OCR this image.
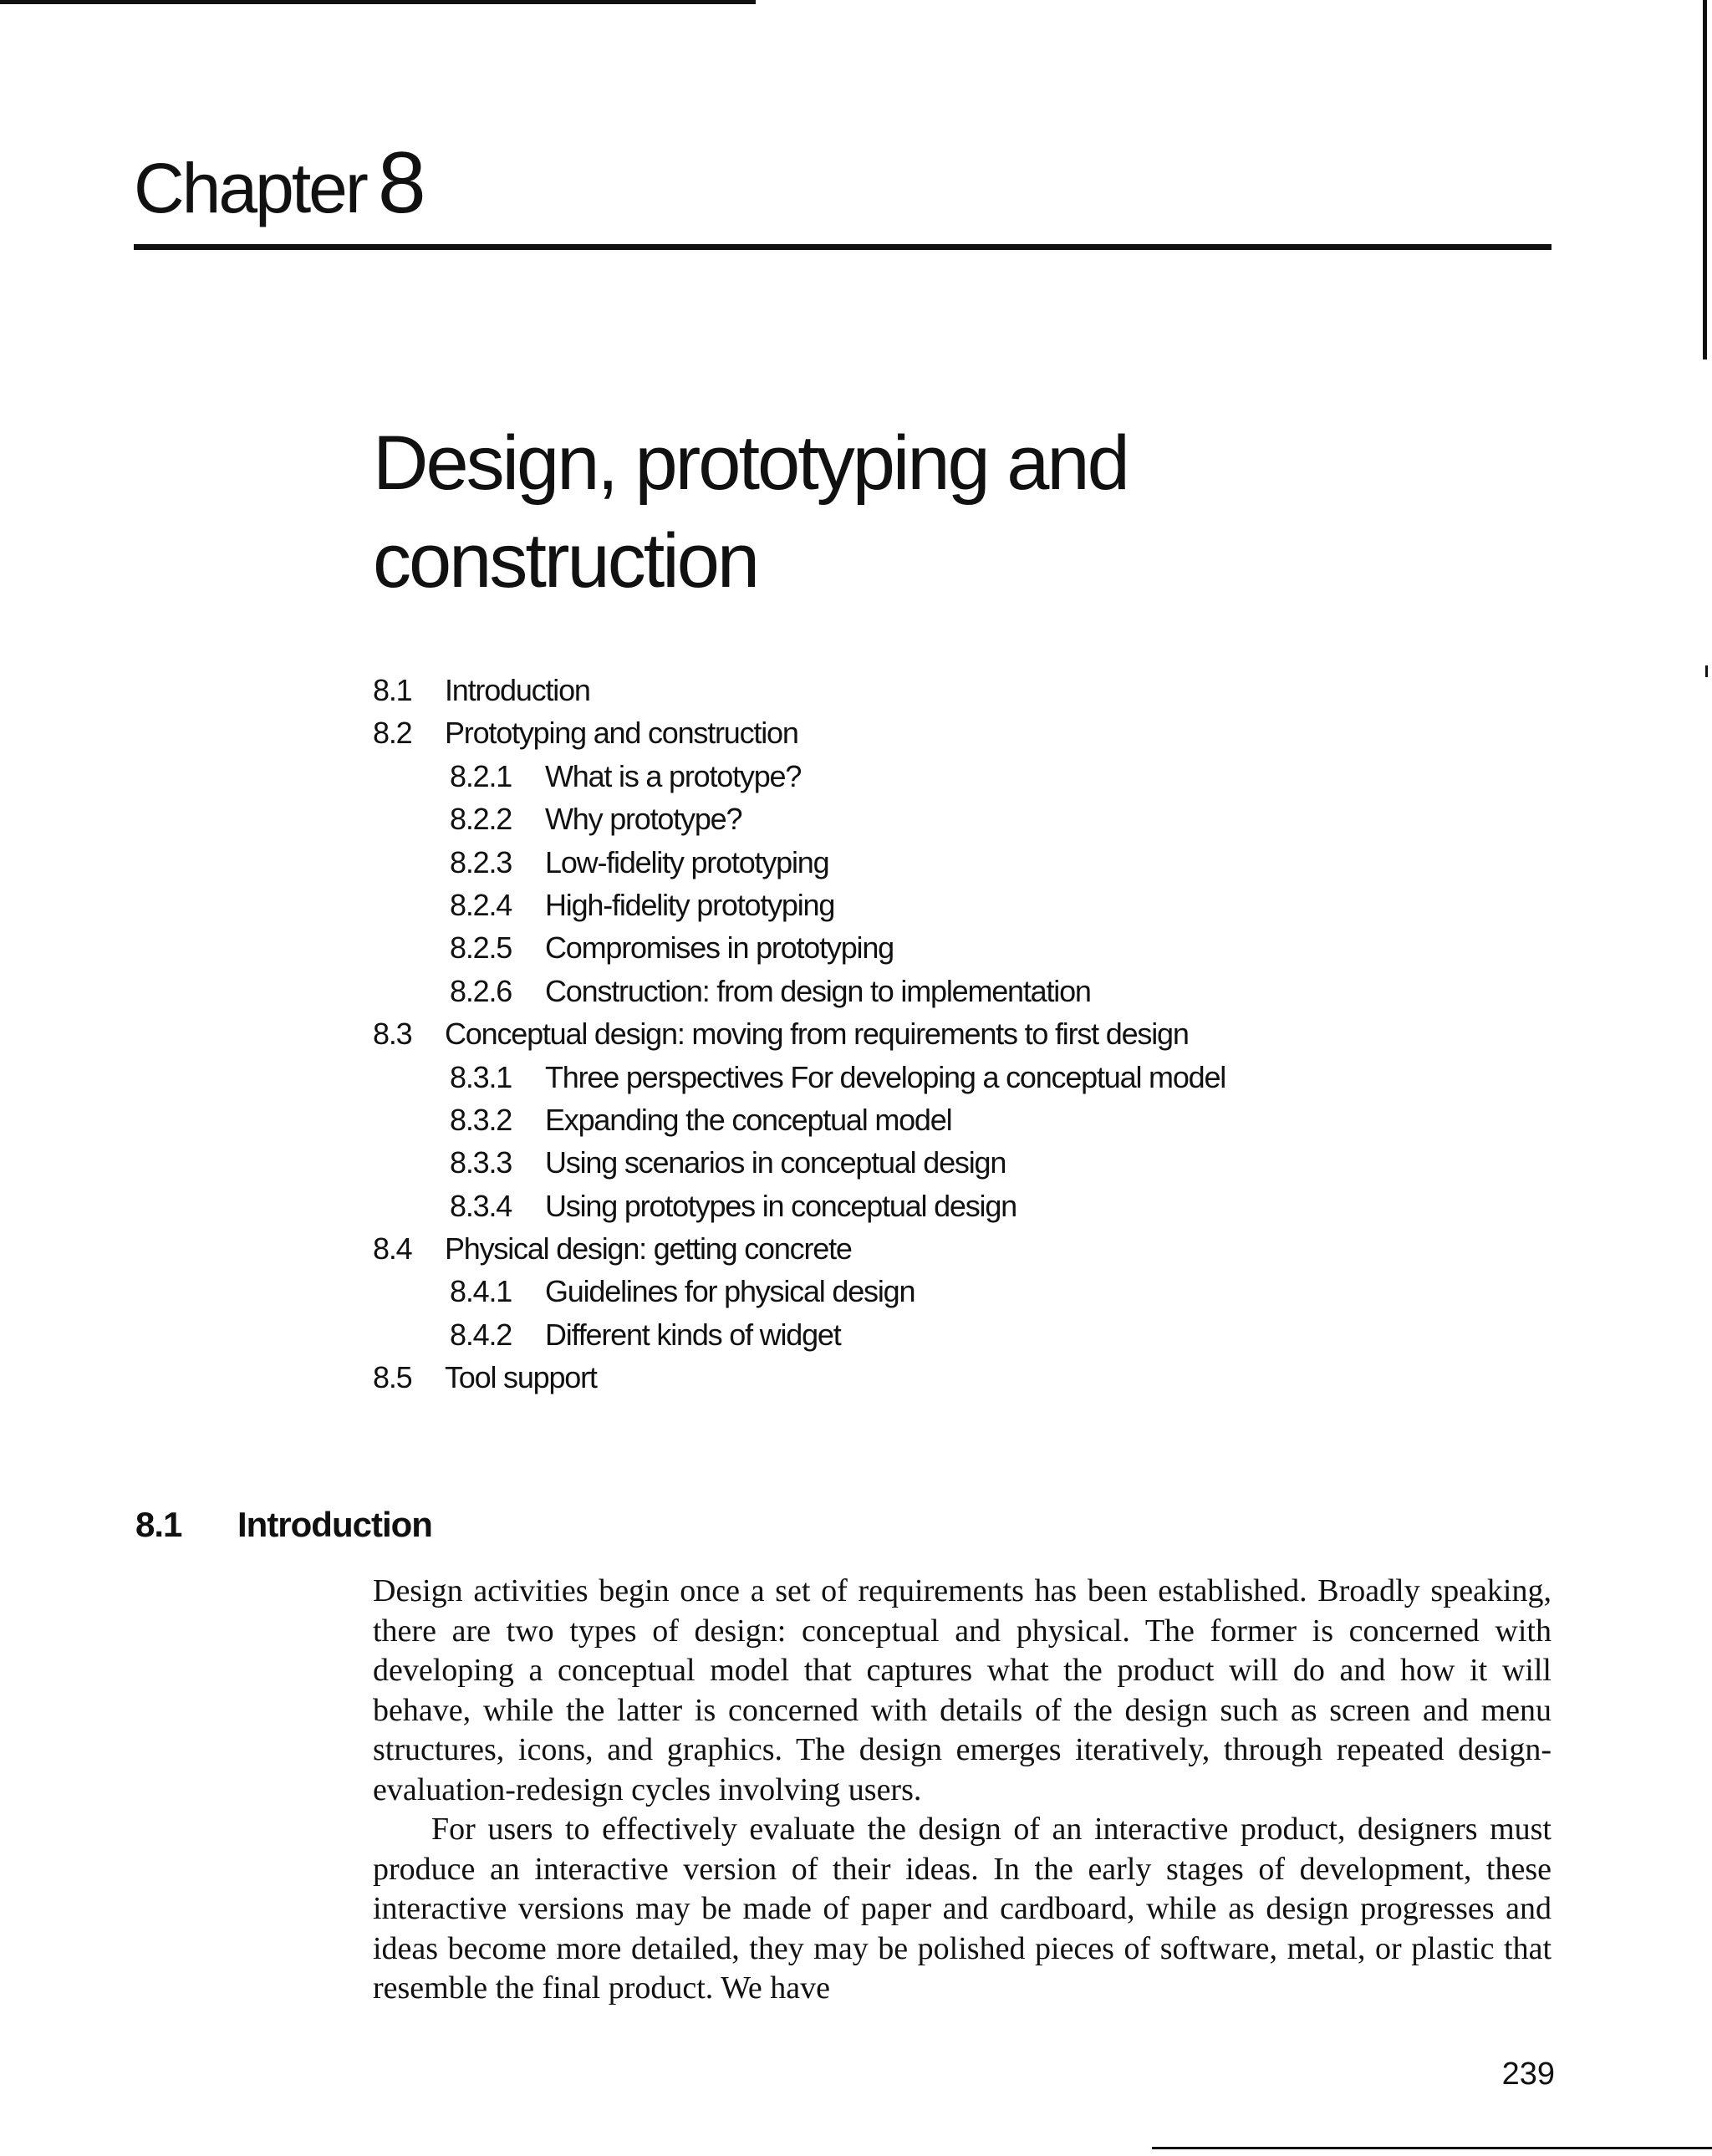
Chapter 8
Design, prototyping and construction
8.1 Introduction
8.2 Prototyping and construction
8.2.1 What is a prototype?
8.2.2 Why prototype?
8.2.3 Low-fidelity prototyping
8.2.4 High-fidelity prototyping
8.2.5 Compromises in prototyping
8.2.6 Construction: from design to implementation
8.3 Conceptual design: moving from requirements to first design
8.3.1 Three perspectives For developing a conceptual model
8.3.2 Expanding the conceptual model
8.3.3 Using scenarios in conceptual design
8.3.4 Using prototypes in conceptual design
8.4 Physical design: getting concrete
8.4.1 Guidelines for physical design
8.4.2 Different kinds of widget
8.5 Tool support
8.1 Introduction

Design activities begin once a set of requirements has been established. Broadly speaking, there are two types of design: conceptual and physical. The former is concerned with developing a conceptual model that captures what the product will do and how it will behave, while the latter is concerned with details of the design such as screen and menu structures, icons, and graphics. The design emerges iteratively, through repeated design-evaluation-redesign cycles involving users.

For users to effectively evaluate the design of an interactive product, designers must produce an interactive version of their ideas. In the early stages of development, these interactive versions may be made of paper and cardboard, while as design progresses and ideas become more detailed, they may be polished pieces of software, metal, or plastic that resemble the final product. We have

239
